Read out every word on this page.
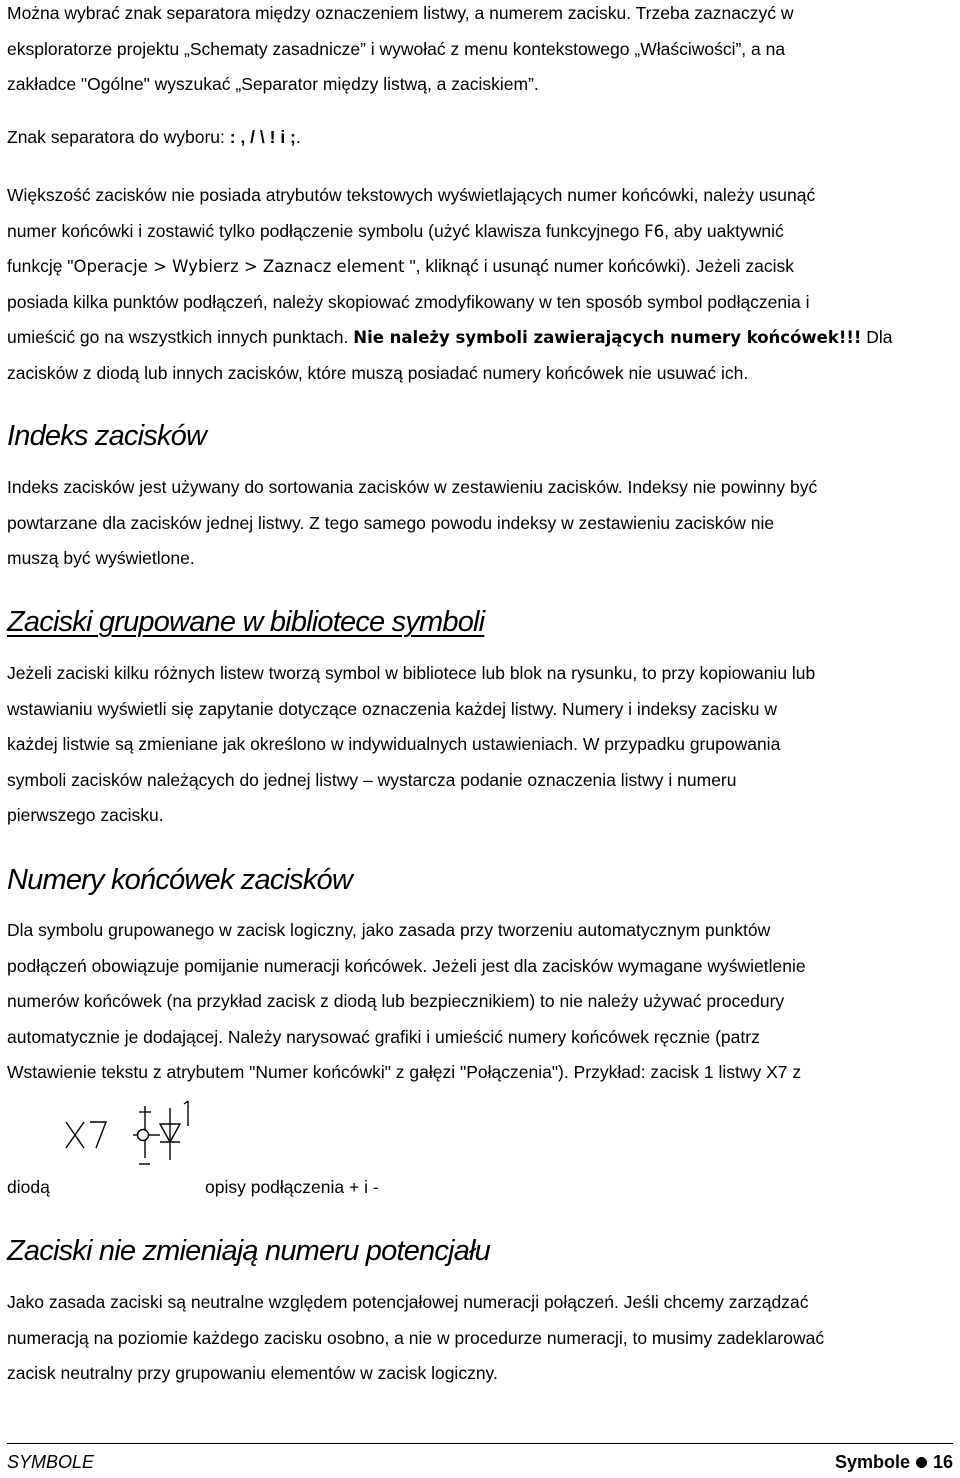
Można wybrać znak separatora między oznaczeniem listwy, a numerem zacisku. Trzeba zaznaczyć w
eksploratorze projektu „Schematy zasadnicze” i wywołać z menu kontekstowego „Właściwości”, a na
zakładce "Ogólne" wyszukać „Separator między listwą, a zaciskiem”.

Znak separatora do wyboru: : , / \ ! i ;.

Większość zacisków nie posiada atrybutów tekstowych wyświetlających numer końcówki, należy usunąć
numer końcówki i zostawić tylko podłączenie symbolu (użyć klawisza funkcyjnego F6, aby uaktywnić
funkcję "Operacje > Wybierz > Zaznacz element ", kliknąć i usunąć numer końcówki). Jeżeli zacisk
posiada kilka punktów podłączeń, należy skopiować zmodyfikowany w ten sposób symbol podłączenia i
umieścić go na wszystkich innych punktach. Nie należy symboli zawierających numery końcówek!!! Dla
zacisków z diodą lub innych zacisków, które muszą posiadać numery końcówek nie usuwać ich.

Indeks zacisków

Indeks zacisków jest używany do sortowania zacisków w zestawieniu zacisków. Indeksy nie powinny być
powtarzane dla zacisków jednej listwy. Z tego samego powodu indeksy w zestawieniu zacisków nie
muszą być wyświetlone.

Zaciski grupowane w bibliotece symboli

Jeżeli zaciski kilku różnych listew tworzą symbol w bibliotece lub blok na rysunku, to przy kopiowaniu lub
wstawianiu wyświetli się zapytanie dotyczące oznaczenia każdej listwy. Numery i indeksy zacisku w
każdej listwie są zmieniane jak określono w indywidualnych ustawieniach. W przypadku grupowania
symboli zacisków należących do jednej listwy – wystarcza podanie oznaczenia listwy i numeru
pierwszego zacisku.

Numery końcówek zacisków

Dla symbolu grupowanego w zacisk logiczny, jako zasada przy tworzeniu automatycznym punktów
podłączeń obowiązuje pomijanie numeracji końcówek. Jeżeli jest dla zacisków wymagane wyświetlenie
numerów końcówek (na przykład zacisk z diodą lub bezpiecznikiem) to nie należy używać procedury
automatycznie je dodającej. Należy narysować grafiki i umieścić numery końcówek ręcznie (patrz
Wstawienie tekstu z atrybutem "Numer końcówki" z gałęzi "Połączenia"). Przykład: zacisk 1 listwy X7 z

diodą	opisy podłączenia + i -
Zaciski nie zmieniają numeru potencjału

Jako zasada zaciski są neutralne względem potencjałowej numeracji połączeń. Jeśli chcemy zarządzać
numeracją na poziomie każdego zacisku osobno, a nie w procedurze numeracji, to musimy zadeklarować
zacisk neutralny przy grupowaniu elementów w zacisk logiczny.

SYMBOLE	Symbole 16
